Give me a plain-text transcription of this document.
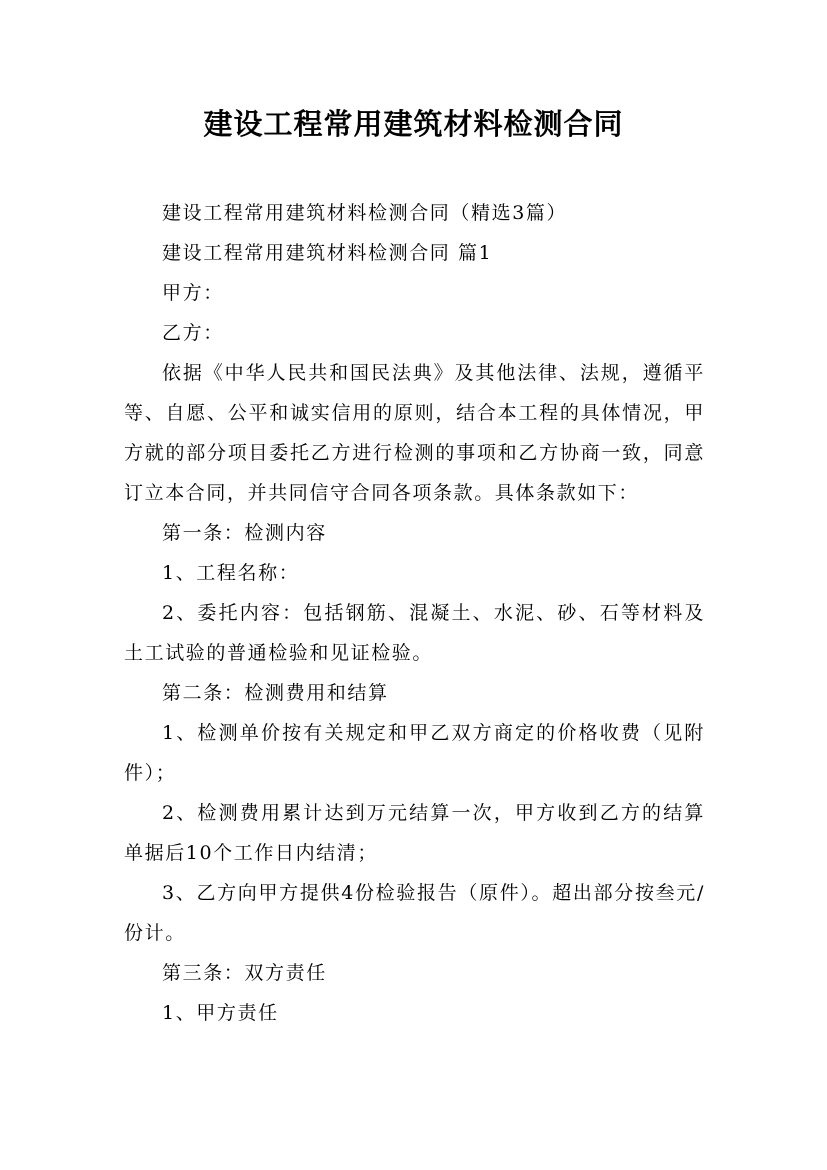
建设工程常用建筑材料检测合同

建设工程常用建筑材料检测合同（精选3篇）

建设工程常用建筑材料检测合同 篇1

甲方：

乙方：

依据《中华人民共和国民法典》及其他法律、法规，遵循平等、自愿、公平和诚实信用的原则，结合本工程的具体情况，甲方就的部分项目委托乙方进行检测的事项和乙方协商一致，同意订立本合同，并共同信守合同各项条款。具体条款如下：

第一条：检测内容

1、工程名称：

2、委托内容：包括钢筋、混凝土、水泥、砂、石等材料及土工试验的普通检验和见证检验。

第二条：检测费用和结算

1、检测单价按有关规定和甲乙双方商定的价格收费（见附件）；

2、检测费用累计达到万元结算一次，甲方收到乙方的结算单据后10个工作日内结清；

3、乙方向甲方提供4份检验报告（原件）。超出部分按叁元/份计。

第三条：双方责任

1、甲方责任
